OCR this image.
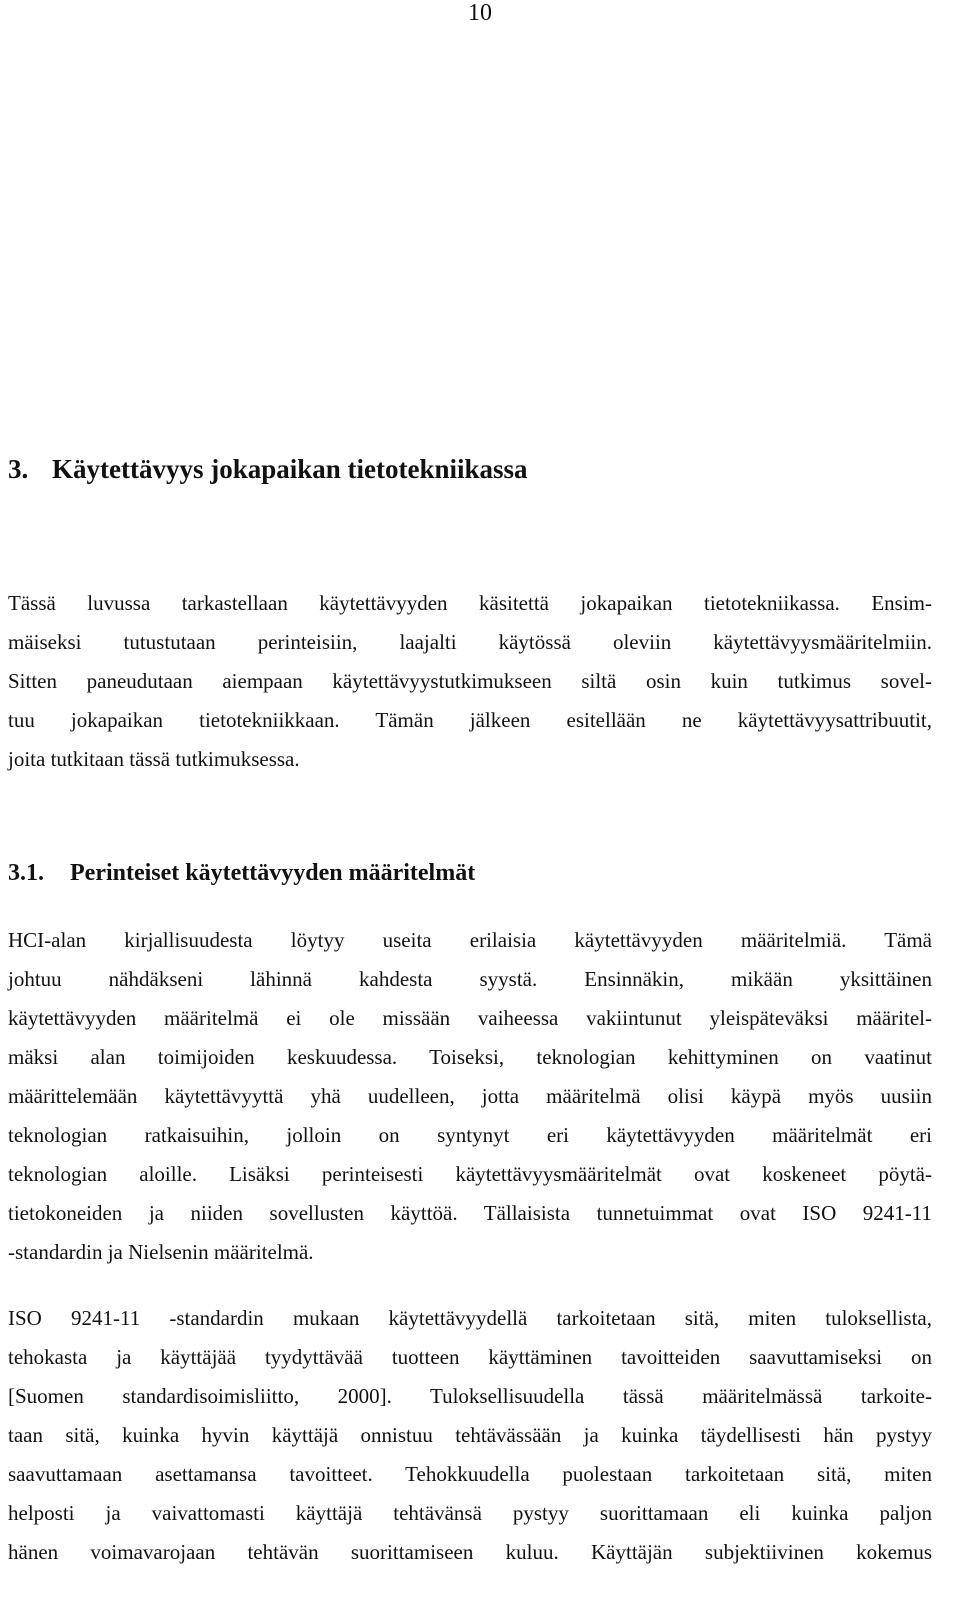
10
3. Käytettävyys jokapaikan tietotekniikassa

Tässä luvussa tarkastellaan käytettävyyden käsitettä jokapaikan tietotekniikassa. Ensim-
mäiseksi tutustutaan perinteisiin, laajalti käytössä oleviin käytettävyysmääritelmiin.
Sitten paneudutaan aiempaan käytettävyystutkimukseen siltä osin kuin tutkimus sovel-
tuu jokapaikan tietotekniikkaan. Tämän jälkeen esitellään ne käytettävyysattribuutit,
joita tutkitaan tässä tutkimuksessa.

3.1. Perinteiset käytettävyyden määritelmät

HCI-alan kirjallisuudesta löytyy useita erilaisia käytettävyyden määritelmiä. Tämä
johtuu nähdäkseni lähinnä kahdesta syystä. Ensinnäkin, mikään yksittäinen
käytettävyyden määritelmä ei ole missään vaiheessa vakiintunut yleispäteväksi määritel-
mäksi alan toimijoiden keskuudessa. Toiseksi, teknologian kehittyminen on vaatinut
määrittelemään käytettävyyttä yhä uudelleen, jotta määritelmä olisi käypä myös uusiin
teknologian ratkaisuihin, jolloin on syntynyt eri käytettävyyden määritelmät eri
teknologian aloille. Lisäksi perinteisesti käytettävyysmääritelmät ovat koskeneet pöytä-
tietokoneiden ja niiden sovellusten käyttöä. Tällaisista tunnetuimmat ovat ISO 9241-11
-standardin ja Nielsenin määritelmä.

ISO 9241-11 -standardin mukaan käytettävyydellä tarkoitetaan sitä, miten tuloksellista,
tehokasta ja käyttäjää tyydyttävää tuotteen käyttäminen tavoitteiden saavuttamiseksi on
[Suomen standardisoimisliitto, 2000]. Tuloksellisuudella tässä määritelmässä tarkoite-
taan sitä, kuinka hyvin käyttäjä onnistuu tehtävässään ja kuinka täydellisesti hän pystyy
saavuttamaan asettamansa tavoitteet. Tehokkuudella puolestaan tarkoitetaan sitä, miten
helposti ja vaivattomasti käyttäjä tehtävänsä pystyy suorittamaan eli kuinka paljon
hänen voimavarojaan tehtävän suorittamiseen kuluu. Käyttäjän subjektiivinen kokemus
